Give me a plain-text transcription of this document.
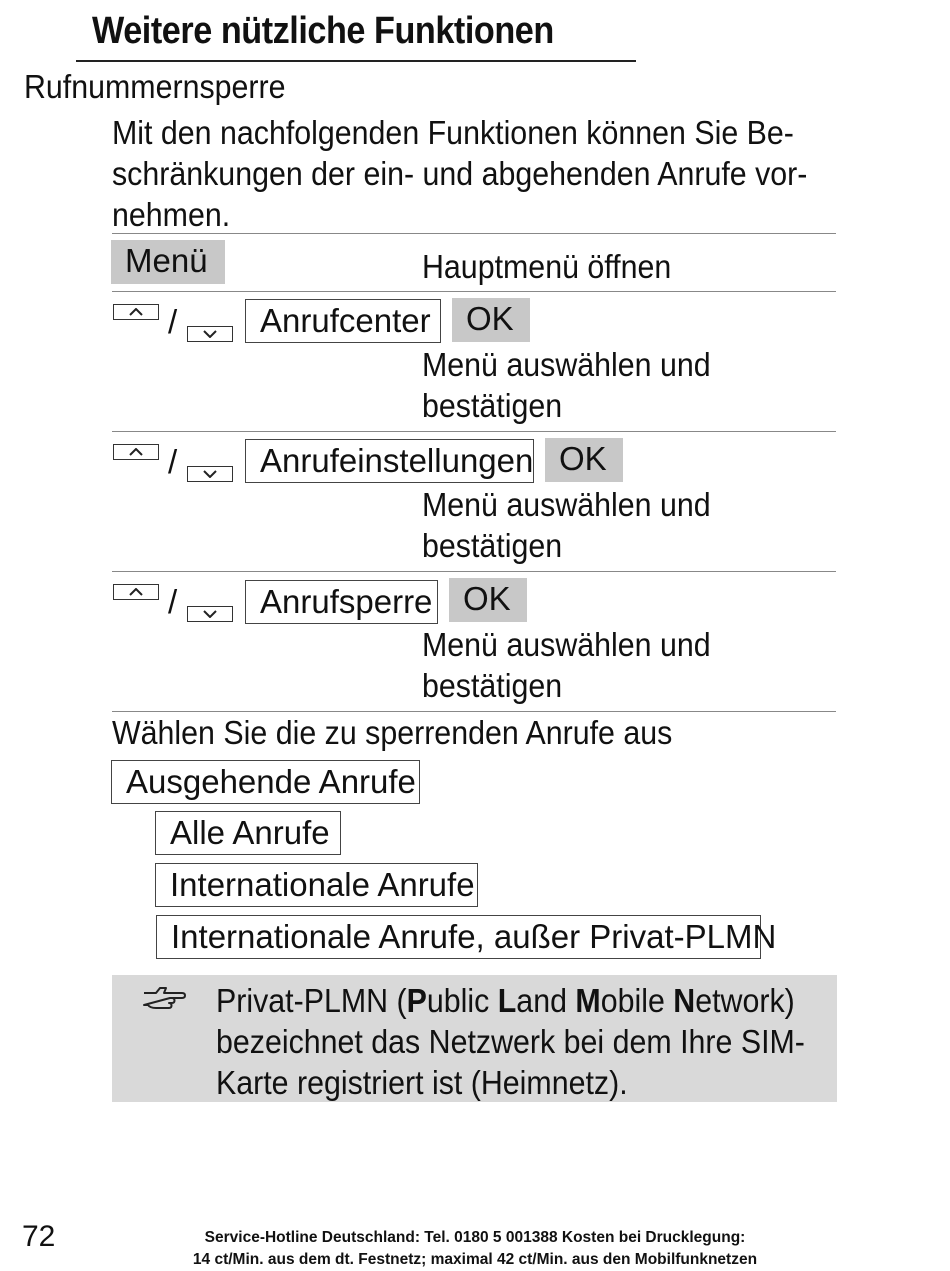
Weitere nützliche Funktionen
Rufnummernsperre
Mit den nachfolgenden Funktionen können Sie Be-
schränkungen der ein- und abgehenden Anrufe vor-
nehmen.
Menü	Hauptmenü öffnen
/	Anrufcenter	OK
Menü auswählen und
bestätigen
/	Anrufeinstellungen OK
Menü auswählen und
bestätigen
/	Anrufsperre OK
Menü auswählen und
bestätigen
Wählen Sie die zu sperrenden Anrufe aus
Ausgehende Anrufe
Alle Anrufe
Internationale Anrufe
Internationale Anrufe, außer Privat-PLMN
Privat-PLMN (Public Land Mobile Network)
bezeichnet das Netzwerk bei dem Ihre SIM-
Karte registriert ist (Heimnetz).
72	Service-Hotline Deutschland: Tel. 0180 5 001388 Kosten bei Drucklegung:
14 ct/Min. aus dem dt. Festnetz; maximal 42 ct/Min. aus den Mobilfunknetzen
